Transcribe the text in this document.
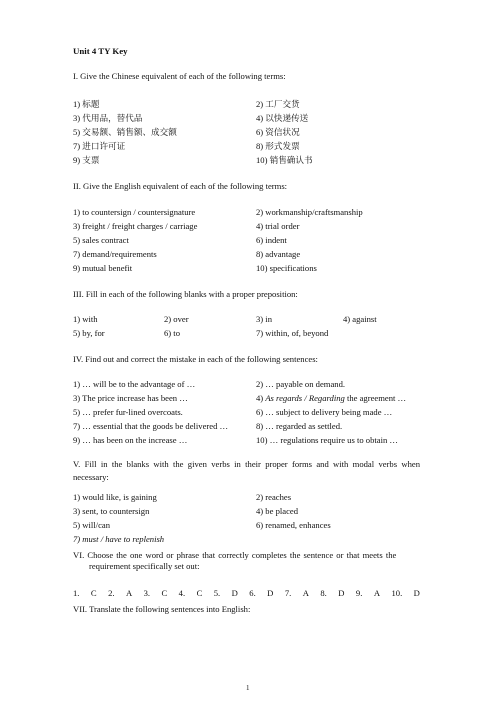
Unit 4 TY Key
I. Give the Chinese equivalent of each of the following terms:
1) 标题	2) 工厂交货
3) 代用品，替代品	4) 以快递传送
5) 交易额、销售额、成交额	6) 资信状况
7) 进口许可证	8) 形式发票
9) 支票	10) 销售确认书
II. Give the English equivalent of each of the following terms:
1) to countersign / countersignature	2) workmanship/craftsmanship
3) freight / freight charges / carriage	4) trial order
5) sales contract	6) indent
7) demand/requirements	8) advantage
9) mutual benefit	10) specifications
III. Fill in each of the following blanks with a proper preposition:
1) with	2) over	3) in	4) against
5) by, for	6) to	7) within, of, beyond
IV. Find out and correct the mistake in each of the following sentences:
1) … will be to the advantage of …	2) … payable on demand.
3) The price increase has been …	4) As regards / Regarding the agreement …
5) … prefer fur-lined overcoats.	6) … subject to delivery being made …
7) … essential that the goods be delivered …	8) … regarded as settled.
9) … has been on the increase …	10) … regulations require us to obtain …
V. Fill in the blanks with the given verbs in their proper forms and with modal verbs when necessary:
1) would like, is gaining	2) reaches
3) sent, to countersign	4) be placed
5) will/can	6) renamed, enhances
7) must / have to replenish
VI. Choose the one word or phrase that correctly completes the sentence or that meets the
requirement specifically set out:
1. C 2. A 3. C 4. C 5. D 6. D 7. A 8. D 9. A 10. D
VII. Translate the following sentences into English:
1
